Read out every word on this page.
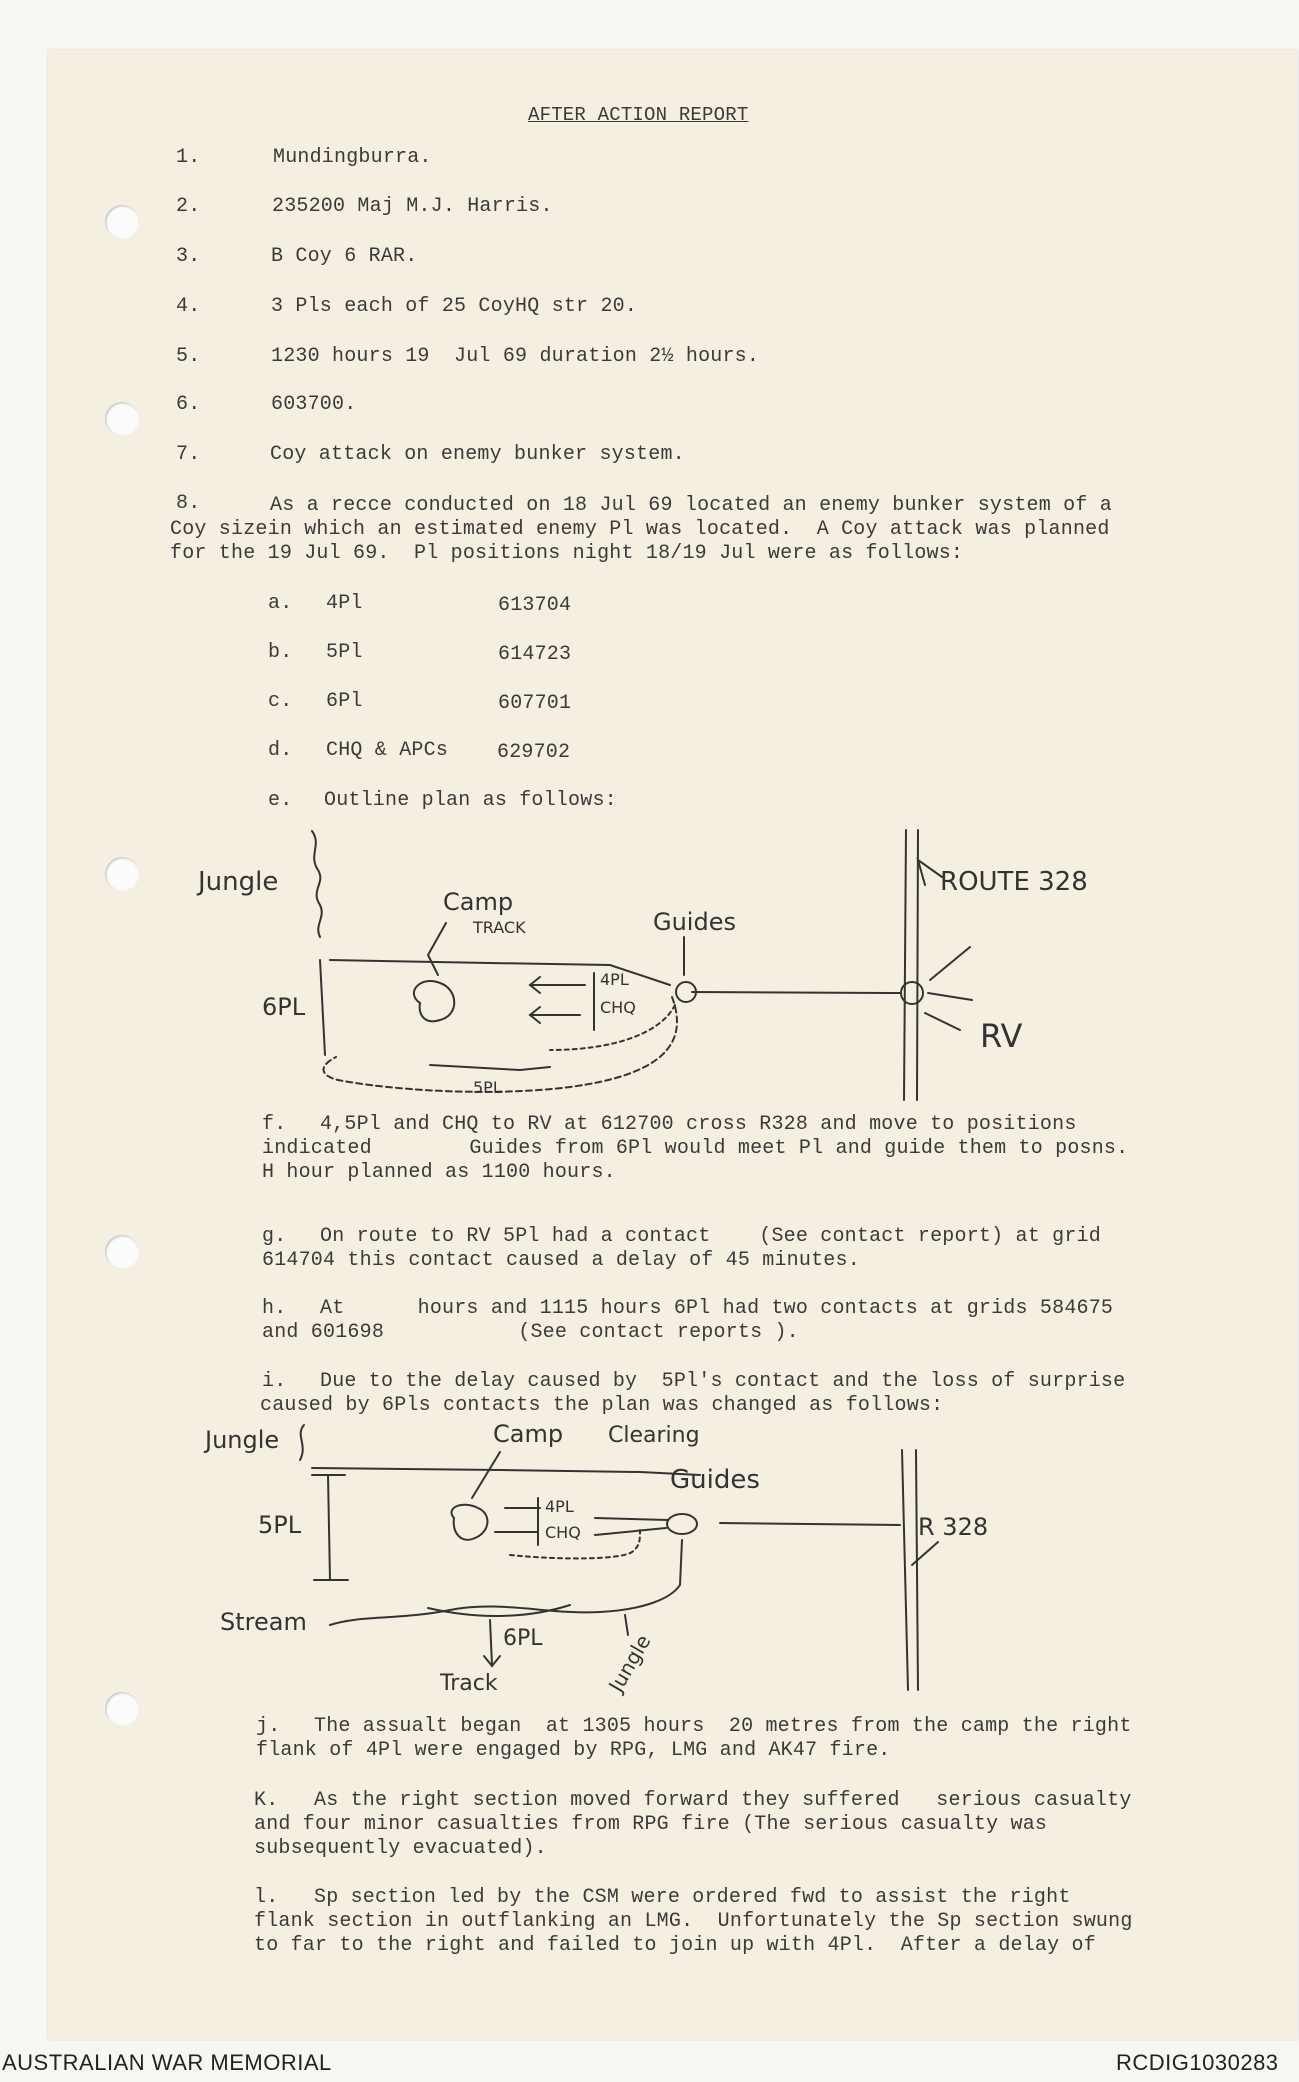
AFTER ACTION REPORT
1.	Mundingburra.
2.	235200 Maj M.J. Harris.
3.	B Coy 6 RAR.
4.	3 Pls each of 25 CoyHQ str 20.
5.	1230 hours 19  Jul 69 duration 2½ hours.
6.	603700.
7.	Coy attack on enemy bunker system.
8.	As a recce conducted on 18 Jul 69 located an enemy bunker system of a
Coy sizein which an estimated enemy Pl was located.  A Coy attack was planned
for the 19 Jul 69.  Pl positions night 18/19 Jul were as follows:
a. 4Pl	613704
b. 5Pl	614723
c. 6Pl	607701
d. CHQ & APCs 629702
e. Outline plan as follows:
Jungle	ROUTE 328
RV
Guides
Camp
TRACK
6PL
4PL
CHQ
5PL
f. 4,5Pl and CHQ to RV at 612700 cross R328 and move to positions
indicated        Guides from 6Pl would meet Pl and guide them to posns.
H hour planned as 1100 hours.
g. On route to RV 5Pl had a contact    (See contact report) at grid
614704 this contact caused a delay of 45 minutes.
h. At      hours and 1115 hours 6Pl had two contacts at grids 584675
and 601698           (See contact reports ).
i. Due to the delay caused by  5Pl's contact and the loss of surprise
caused by 6Pls contacts the plan was changed as follows:
Jungle
R 328
Guides
Camp Clearing
5PL
4PL
CHQ
Stream
6PL
Track	Jungle
j. The assualt began  at 1305 hours  20 metres from the camp the right
flank of 4Pl were engaged by RPG, LMG and AK47 fire.
K. As the right section moved forward they suffered   serious casualty
and four minor casualties from RPG fire (The serious casualty was
subsequently evacuated).
l. Sp section led by the CSM were ordered fwd to assist the right
flank section in outflanking an LMG.  Unfortunately the Sp section swung
to far to the right and failed to join up with 4Pl.  After a delay of
AUSTRALIAN WAR MEMORIAL	RCDIG1030283
